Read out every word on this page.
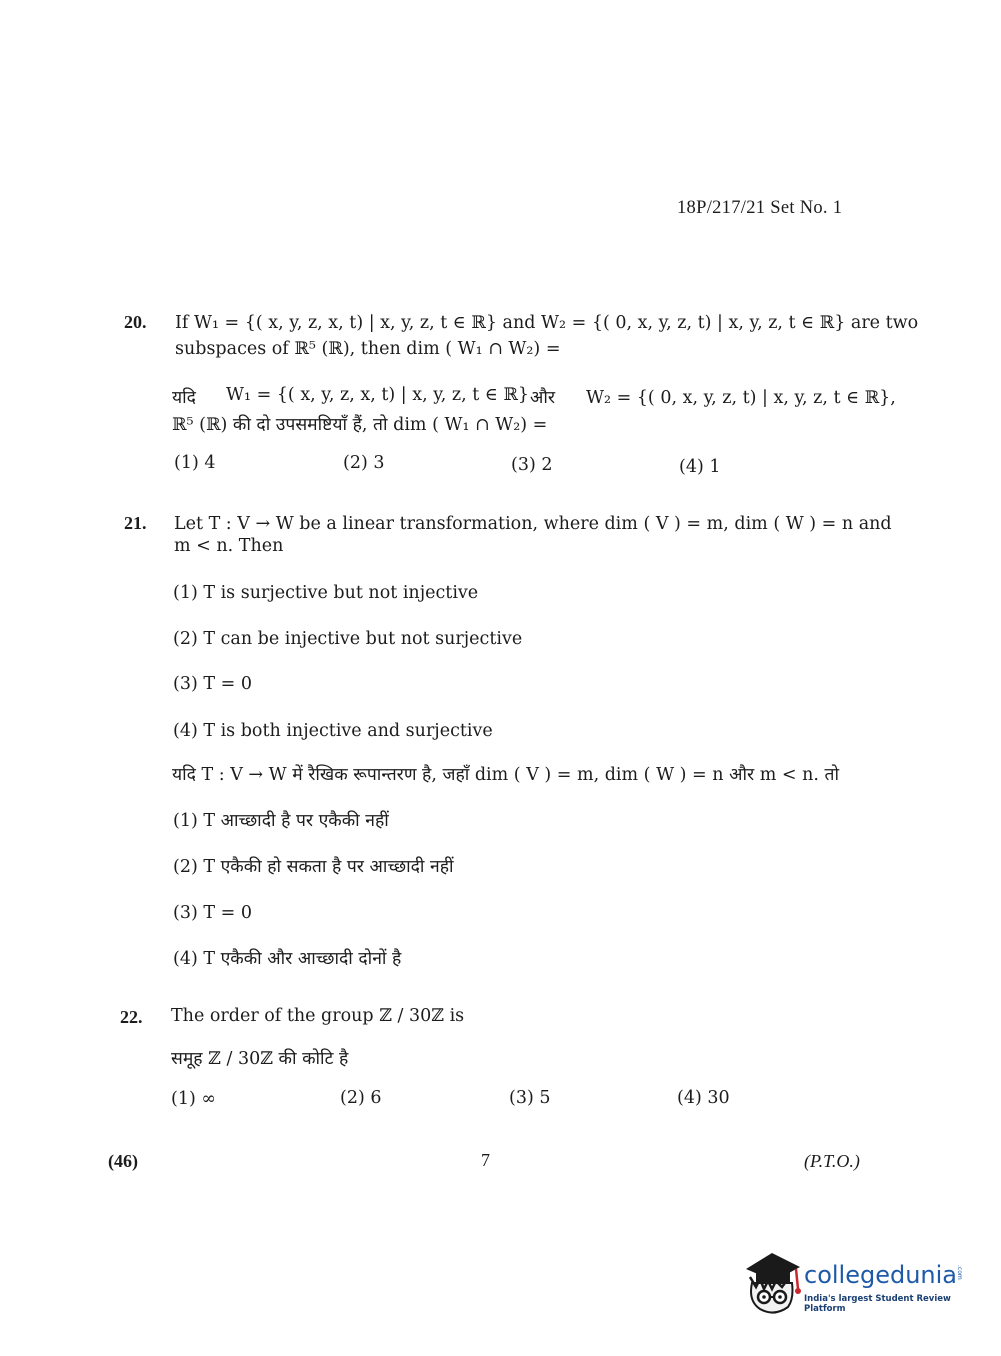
18P/217/21 Set No. 1
20. If W₁ = {( x, y, z, x, t) | x, y, z, t ∈ ℝ} and W₂ = {( 0, x, y, z, t) | x, y, z, t ∈ ℝ} are two
subspaces of ℝ⁵ (ℝ), then dim ( W₁ ∩ W₂) =
यदि W₁ = {( x, y, z, x, t) | x, y, z, t ∈ ℝ} और W₂ = {( 0, x, y, z, t) | x, y, z, t ∈ ℝ},
ℝ⁵ (ℝ) की दो उपसमष्टियाँ हैं, तो dim ( W₁ ∩ W₂) =
(1) 4	(2) 3	(3) 2	(4) 1
21. Let T : V → W be a linear transformation, where dim ( V ) = m, dim ( W ) = n and
m < n. Then
(1) T is surjective but not injective
(2) T can be injective but not surjective
(3) T = 0
(4) T is both injective and surjective
यदि T : V → W में रैखिक रूपान्तरण है, जहाँ dim ( V ) = m, dim ( W ) = n और m < n. तो
(1) T आच्छादी है पर एकैकी नहीं
(2) T एकैकी हो सकता है पर आच्छादी नहीं
(3) T = 0
(4) T एकैकी और आच्छादी दोनों है
22. The order of the group ℤ / 30ℤ is
समूह ℤ / 30ℤ की कोटि है
(1) ∞	(2) 6	(3) 5	(4) 30
(46)	7	(P.T.O.)
collegedunia
.com
India's largest Student Review Platform
